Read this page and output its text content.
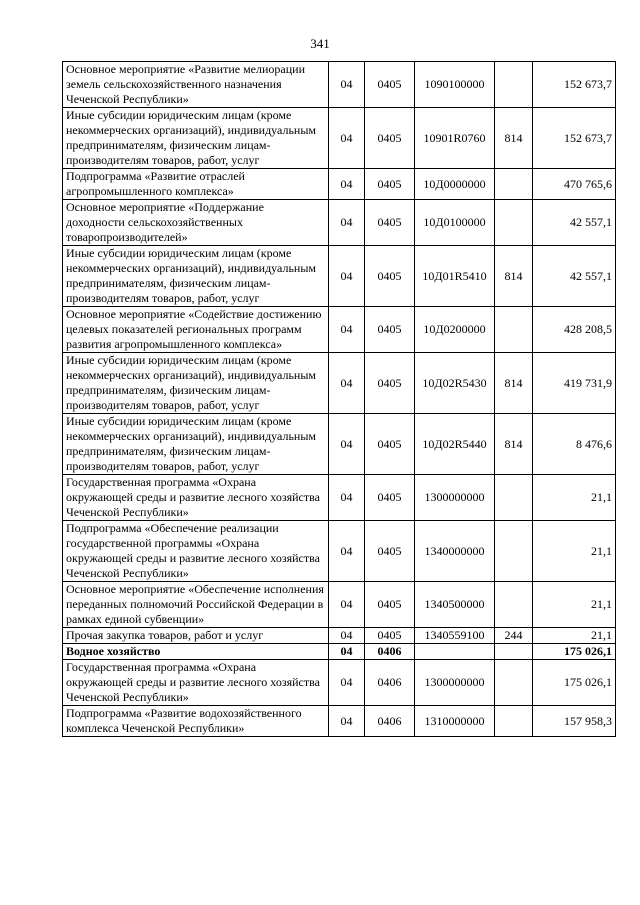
341
Основное мероприятие «Развитие мелиорации земель сельскохозяйственного назначения Чеченской Республики»	04	0405	1090100000		152 673,7
Иные субсидии юридическим лицам (кроме некоммерческих организаций), индивидуальным предпринимателям, физическим лицам-производителям товаров, работ, услуг	04	0405	10901R0760	814	152 673,7
Подпрограмма «Развитие отраслей агропромышленного комплекса»	04	0405	10Д0000000		470 765,6
Основное мероприятие «Поддержание доходности сельскохозяйственных товаропроизводителей»	04	0405	10Д0100000		42 557,1
Иные субсидии юридическим лицам (кроме некоммерческих организаций), индивидуальным предпринимателям, физическим лицам-производителям товаров, работ, услуг	04	0405	10Д01R5410	814	42 557,1
Основное мероприятие «Содействие достижению целевых показателей региональных программ развития агропромышленного комплекса»	04	0405	10Д0200000		428 208,5
Иные субсидии юридическим лицам (кроме некоммерческих организаций), индивидуальным предпринимателям, физическим лицам-производителям товаров, работ, услуг	04	0405	10Д02R5430	814	419 731,9
Иные субсидии юридическим лицам (кроме некоммерческих организаций), индивидуальным предпринимателям, физическим лицам-производителям товаров, работ, услуг	04	0405	10Д02R5440	814	8 476,6
Государственная программа «Охрана окружающей среды и развитие лесного хозяйства Чеченской Республики»	04	0405	1300000000		21,1
Подпрограмма «Обеспечение реализации государственной программы «Охрана окружающей среды и развитие лесного хозяйства Чеченской Республики»	04	0405	1340000000		21,1
Основное мероприятие «Обеспечение исполнения переданных полномочий Российской Федерации в рамках единой субвенции»	04	0405	1340500000		21,1
Прочая закупка товаров, работ и услуг	04	0405	1340559100	244	21,1
Водное хозяйство	04	0406			175 026,1
Государственная программа «Охрана окружающей среды и развитие лесного хозяйства Чеченской Республики»	04	0406	1300000000		175 026,1
Подпрограмма «Развитие водохозяйственного комплекса Чеченской Республики»	04	0406	1310000000		157 958,3
